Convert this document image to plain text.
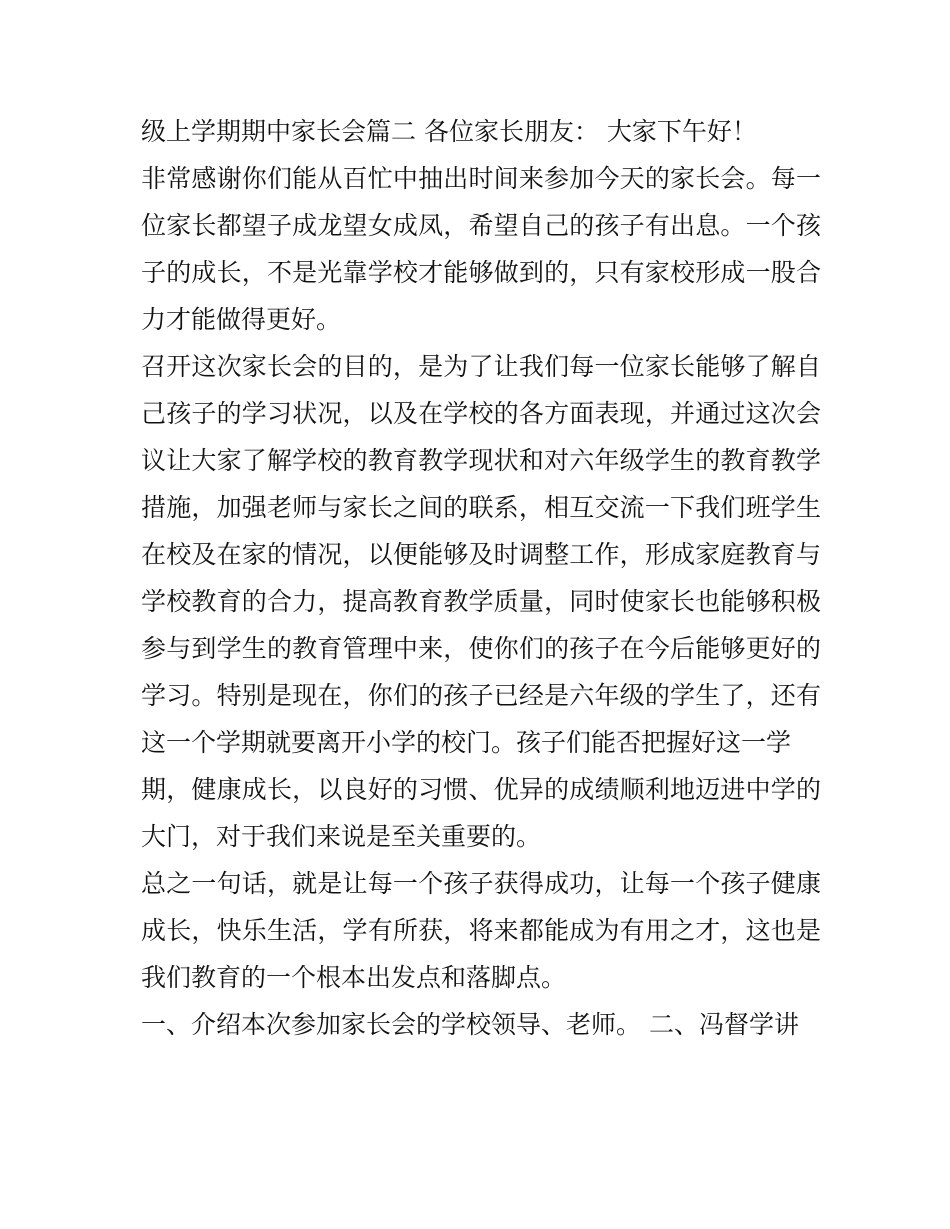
级上学期期中家长会篇二 各位家长朋友： 大家下午好！
非常感谢你们能从百忙中抽出时间来参加今天的家长会。每一
位家长都望子成龙望女成凤，希望自己的孩子有出息。一个孩
子的成长，不是光靠学校才能够做到的，只有家校形成一股合
力才能做得更好。
召开这次家长会的目的，是为了让我们每一位家长能够了解自
己孩子的学习状况，以及在学校的各方面表现，并通过这次会
议让大家了解学校的教育教学现状和对六年级学生的教育教学
措施，加强老师与家长之间的联系，相互交流一下我们班学生
在校及在家的情况，以便能够及时调整工作，形成家庭教育与
学校教育的合力，提高教育教学质量，同时使家长也能够积极
参与到学生的教育管理中来，使你们的孩子在今后能够更好的
学习。特别是现在，你们的孩子已经是六年级的学生了，还有
这一个学期就要离开小学的校门。孩子们能否把握好这一学
期，健康成长，以良好的习惯、优异的成绩顺利地迈进中学的
大门，对于我们来说是至关重要的。
总之一句话，就是让每一个孩子获得成功，让每一个孩子健康
成长，快乐生活，学有所获，将来都能成为有用之才，这也是
我们教育的一个根本出发点和落脚点。
一、介绍本次参加家长会的学校领导、老师。 二、冯督学讲
